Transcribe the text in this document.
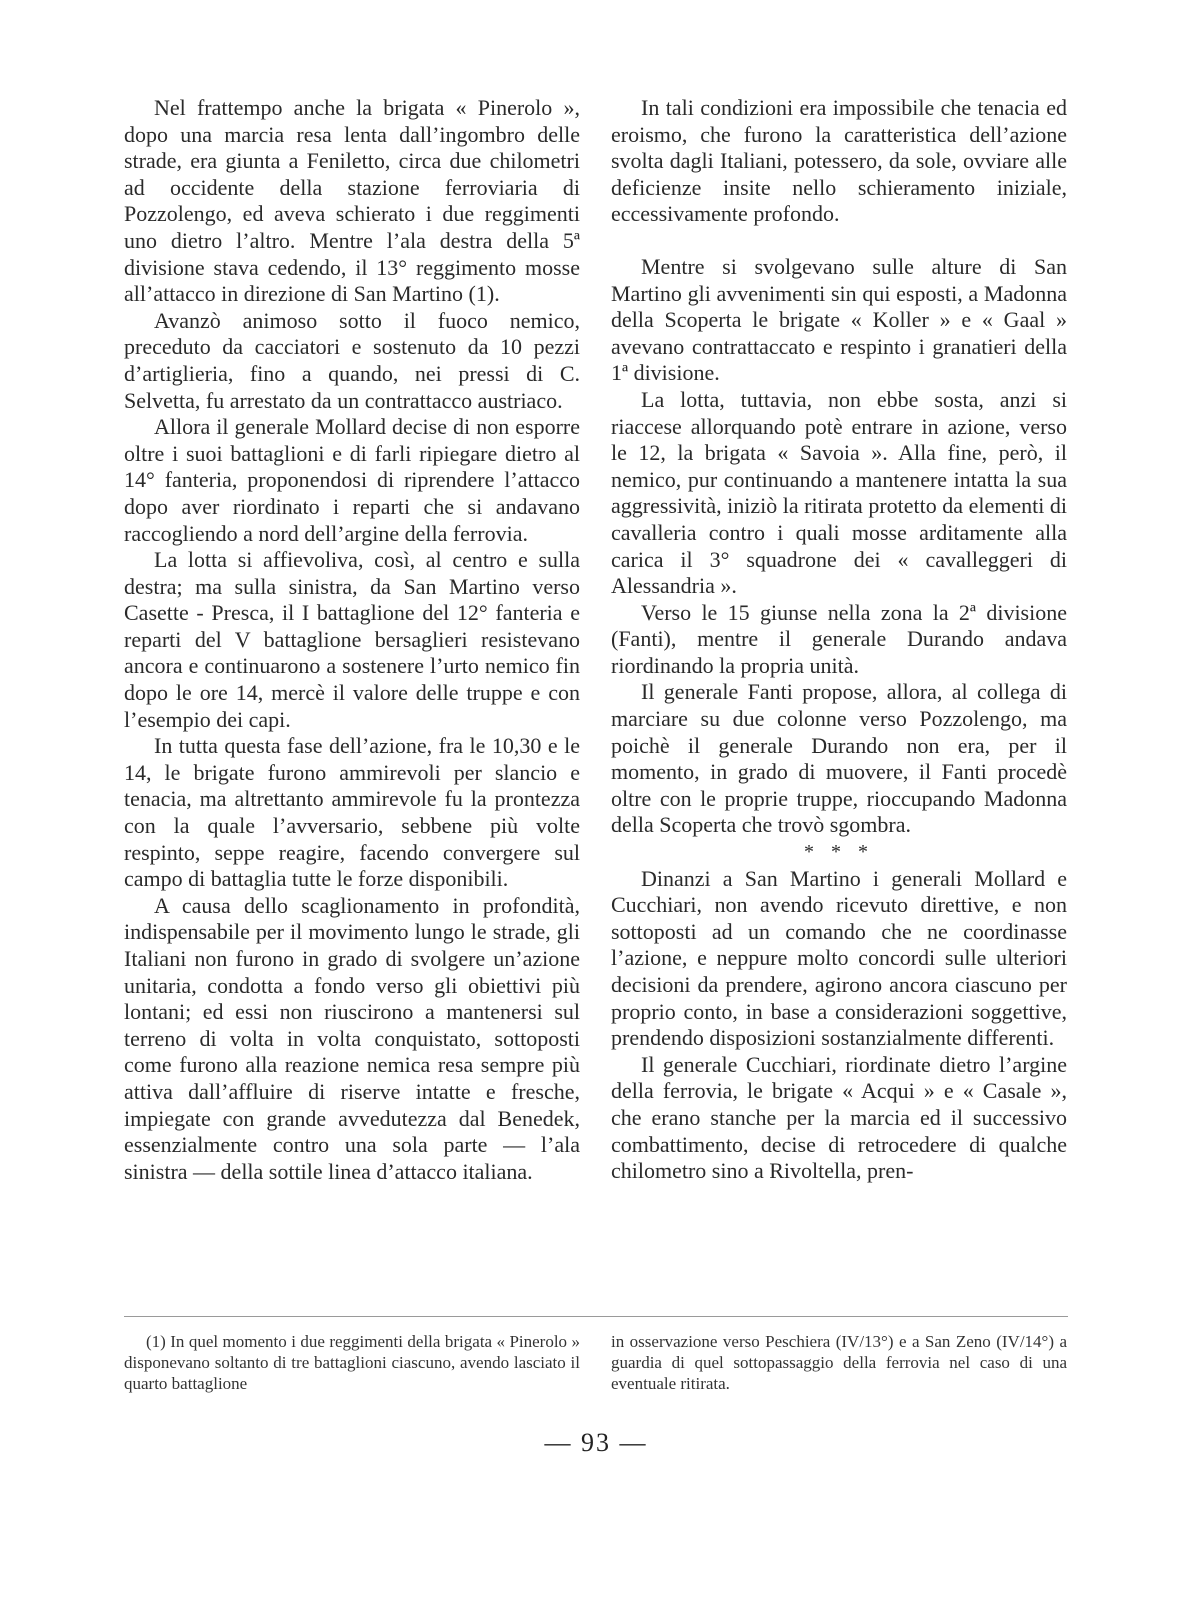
Nel frattempo anche la brigata « Pinerolo », dopo una marcia resa lenta dall’ingombro delle strade, era giunta a Feniletto, circa due chilometri ad occidente della stazione ferroviaria di Pozzolengo, ed aveva schierato i due reggimenti uno dietro l’altro. Mentre l’ala destra della 5ª divisione stava cedendo, il 13° reggimento mosse all’attacco in direzione di San Martino (1).

Avanzò animoso sotto il fuoco nemico, preceduto da cacciatori e sostenuto da 10 pezzi d’artiglieria, fino a quando, nei pressi di C. Selvetta, fu arrestato da un contrattacco austriaco.

Allora il generale Mollard decise di non esporre oltre i suoi battaglioni e di farli ripiegare dietro al 14° fanteria, proponendosi di riprendere l’attacco dopo aver riordinato i reparti che si andavano raccogliendo a nord dell’argine della ferrovia.

La lotta si affievoliva, così, al centro e sulla destra; ma sulla sinistra, da San Martino verso Casette - Presca, il I battaglione del 12° fanteria e reparti del V battaglione bersaglieri resistevano ancora e continuarono a sostenere l’urto nemico fin dopo le ore 14, mercè il valore delle truppe e con l’esempio dei capi.

In tutta questa fase dell’azione, fra le 10,30 e le 14, le brigate furono ammirevoli per slancio e tenacia, ma altrettanto ammirevole fu la prontezza con la quale l’avversario, sebbene più volte respinto, seppe reagire, facendo convergere sul campo di battaglia tutte le forze disponibili.

A causa dello scaglionamento in profondità, indispensabile per il movimento lungo le strade, gli Italiani non furono in grado di svolgere un’azione unitaria, condotta a fondo verso gli obiettivi più lontani; ed essi non riuscirono a mantenersi sul terreno di volta in volta conquistato, sottoposti come furono alla reazione nemica resa sempre più attiva dall’affluire di riserve intatte e fresche, impiegate con grande avvedutezza dal Benedek, essenzialmente contro una sola parte — l’ala sinistra — della sottile linea d’attacco italiana.

In tali condizioni era impossibile che tenacia ed eroismo, che furono la caratteristica dell’azione svolta dagli Italiani, potessero, da sole, ovviare alle deficienze insite nello schieramento iniziale, eccessivamente profondo.

Mentre si svolgevano sulle alture di San Martino gli avvenimenti sin qui esposti, a Madonna della Scoperta le brigate « Koller » e « Gaal » avevano contrattaccato e respinto i granatieri della 1ª divisione.

La lotta, tuttavia, non ebbe sosta, anzi si riaccese allorquando potè entrare in azione, verso le 12, la brigata « Savoia ». Alla fine, però, il nemico, pur continuando a mantenere intatta la sua aggressività, iniziò la ritirata protetto da elementi di cavalleria contro i quali mosse arditamente alla carica il 3° squadrone dei « cavalleggeri di Alessandria ».

Verso le 15 giunse nella zona la 2ª divisione (Fanti), mentre il generale Durando andava riordinando la propria unità.

Il generale Fanti propose, allora, al collega di marciare su due colonne verso Pozzolengo, ma poichè il generale Durando non era, per il momento, in grado di muovere, il Fanti procedè oltre con le proprie truppe, rioccupando Madonna della Scoperta che trovò sgombra.

* * *

Dinanzi a San Martino i generali Mollard e Cucchiari, non avendo ricevuto direttive, e non sottoposti ad un comando che ne coordinasse l’azione, e neppure molto concordi sulle ulteriori decisioni da prendere, agirono ancora ciascuno per proprio conto, in base a considerazioni soggettive, prendendo disposizioni sostanzialmente differenti.

Il generale Cucchiari, riordinate dietro l’argine della ferrovia, le brigate « Acqui » e « Casale », che erano stanche per la marcia ed il successivo combattimento, decise di retrocedere di qualche chilometro sino a Rivoltella, pren-

(1) In quel momento i due reggimenti della brigata « Pinerolo » disponevano soltanto di tre battaglioni ciascuno, avendo lasciato il quarto battaglione

in osservazione verso Peschiera (IV/13°) e a San Zeno (IV/14°) a guardia di quel sottopassaggio della ferrovia nel caso di una eventuale ritirata.

— 93 —
